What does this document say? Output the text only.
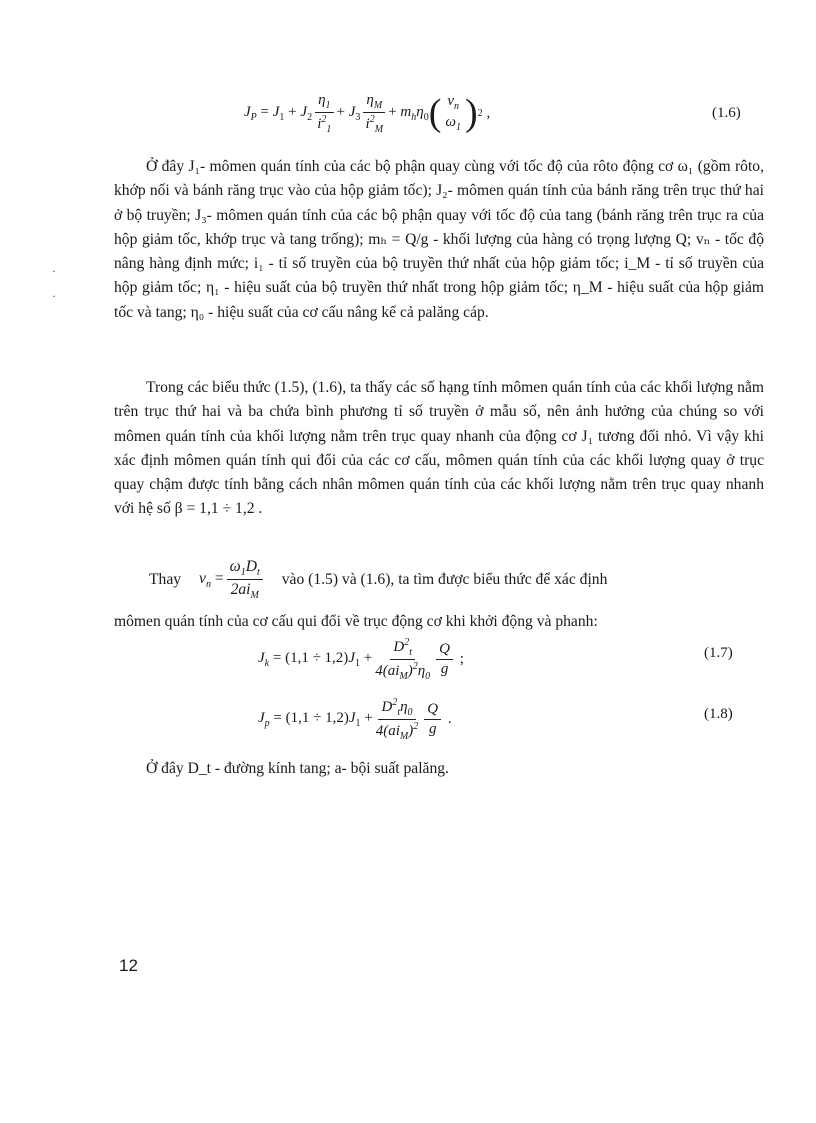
$J_P = J_1 + J_2 \frac{\eta_1}{i^2_1} + J_3 \frac{\eta_M}{i^2_M} + m_h\eta_0$ ( $v_n$
$\omega_1$ ) 2 ,	(1.6)
Ở đây J₁- mômen quán tính của các bộ phận quay cùng với tốc độ của rôto động cơ ω₁ (gồm rôto, khớp nối và bánh răng trục vào của hộp giảm tốc); J₂- mômen quán tính của bánh răng trên trục thứ hai ở bộ truyền; J₃- mômen quán tính của các bộ phận quay với tốc độ của tang (bánh răng trên trục ra của hộp giảm tốc, khớp trục và tang trống); mₕ = Q/g - khối lượng của hàng có trọng lượng Q; vₙ - tốc độ nâng hàng định mức; i₁ - tỉ số truyền của bộ truyền thứ nhất của hộp giảm tốc; i_M - tỉ số truyền của hộp giảm tốc; η₁ - hiệu suất của bộ truyền thứ nhất trong hộp giảm tốc; η_M - hiệu suất của hộp giảm tốc và tang; η₀ - hiệu suất của cơ cấu nâng kể cả palăng cáp.
Trong các biểu thức (1.5), (1.6), ta thấy các số hạng tính mômen quán tính của các khối lượng nằm trên trục thứ hai và ba chứa bình phương tỉ số truyền ở mẫu số, nên ảnh hưởng của chúng so với mômen quán tính của khối lượng nằm trên trục quay nhanh của động cơ J₁ tương đối nhỏ. Vì vậy khi xác định mômen quán tính qui đổi của các cơ cấu, mômen quán tính của các khối lượng quay ở trục quay chậm được tính bằng cách nhân mômen quán tính của các khối lượng nằm trên trục quay nhanh với hệ số β = 1,1 ÷ 1,2 .
Thay $v_n = \frac{\omega_1D_t}{2ai_M}$ vào (1.5) và (1.6), ta tìm được biểu thức để xác định
mômen quán tính của cơ cấu qui đổi về trục động cơ khi khởi động và phanh:
$J_k = (1,1 \div 1,2)J_1 + \frac{D^2_t}{4(ai_M)^2\eta_0} \frac{Q}{g}$ ;	(1.7)
$J_p = (1,1 \div 1,2)J_1 + \frac{D^2_t\eta_0}{4(ai_M)^2} \frac{Q}{g}$ .	(1.8)
Ở đây D_t - đường kính tang; a- bội suất palăng.
·
·
12
